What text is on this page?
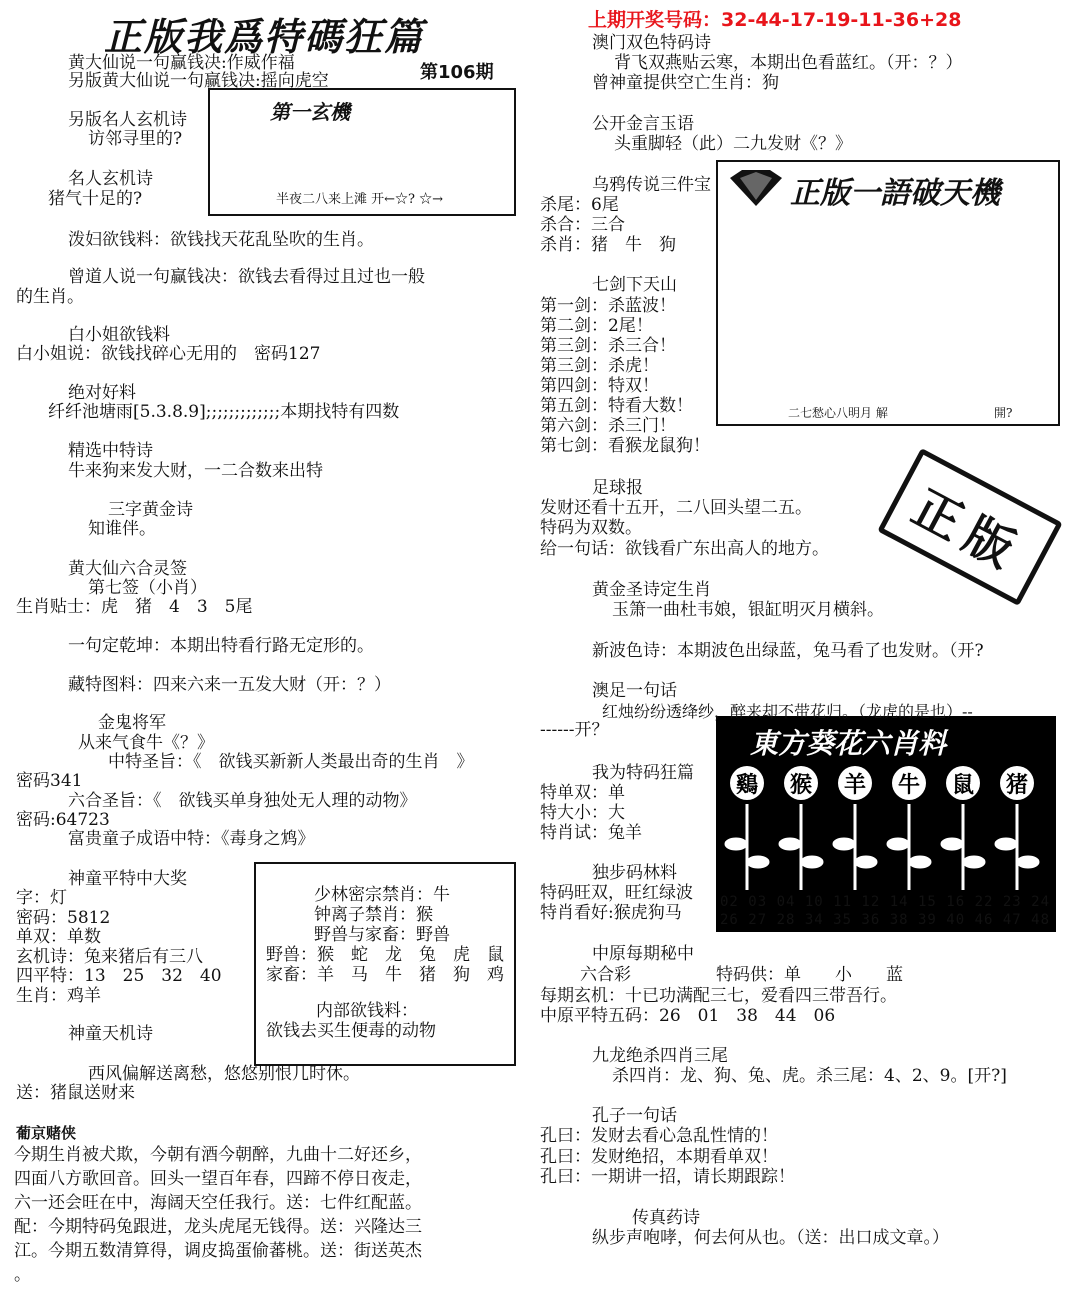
正版我爲特碼狂篇
第106期
上期开奖号码：32-44-17-19-11-36+28
第一玄機
半夜二八来上滩 开←☆? ☆→	正版一語破天機
二七愁心八明月 解	開?
正版
少林密宗禁肖：牛
钟离子禁肖：猴
野兽与家畜：野兽
野兽：猴　蛇　龙　兔　虎　鼠
家畜：羊　马　牛　猪　狗　鸡
内部欲钱料：
欲钱去买生便毒的动物
東方葵花六肖料
鷄 猴 羊 牛 鼠 猪
02 03 04 10 11 12 14 15 16 22 23 24
26 27 28 34 35 36 38 39 40 46 47 48
黄大仙说一句赢钱决:作威作福
另版黄大仙说一句赢钱决:摇向虎空
另版名人玄机诗
访邻寻里的?
名人玄机诗
猪气十足的?
泼妇欲钱料：欲钱找天花乱坠吹的生肖。
曾道人说一句赢钱决：欲钱去看得过且过也一般
的生肖。
白小姐欲钱料
白小姐说：欲钱找碎心无用的　密码127
绝对好料
纤纤池塘雨[5.3.8.9];;;;;;;;;;;;;本期找特有四数
精选中特诗
牛来狗来发大财，一二合数来出特
三字黄金诗
知谁伴。
黄大仙六合灵签
第七签（小肖）
生肖贴士：虎　猪　4　3　5尾
一句定乾坤：本期出特看行路无定形的。
藏特图料：四来六来一五发大财（开：？）
金鬼将军
从来气食牛《？》
中特圣旨：《　欲钱买新新人类最出奇的生肖　》
密码341
六合圣旨：《　欲钱买单身独处无人理的动物》
密码:64723
富贵童子成语中特：《毒身之鸩》
神童平特中大奖
字：灯
密码：5812
单双：单数
玄机诗：兔来猪后有三八
四平特：13　25　32　40
生肖：鸡羊
神童天机诗
西风偏解送离愁，悠悠别恨几时休。
送：猪鼠送财来
葡京赌侠
今期生肖被犬欺，今朝有酒今朝醉，九曲十二好还乡，
四面八方歌回音。回头一望百年春，四蹄不停日夜走，
六一还会旺在中，海阔天空任我行。送：七件红配蓝。
配：今期特码兔跟进，龙头虎尾无钱得。送：兴隆达三
江。今期五数清算得，调皮捣蛋偷蕃桃。送：街送英杰
。
澳门双色特码诗
背飞双燕贴云寒，本期出色看蓝红。（开：？）
曾神童提供空亡生肖：狗
公开金言玉语
头重脚轻（此）二九发财《？》
乌鸦传说三件宝
杀尾：6尾
杀合：三合
杀肖：猪　牛　狗
七剑下天山
第一剑：杀蓝波！
第二剑：2尾！
第三剑：杀三合！
第三剑：杀虎！
第四剑：特双！
第五剑：特看大数！
第六剑：杀三门！
第七剑：看猴龙鼠狗！
足球报
发财还看十五开，二八回头望二五。
特码为双数。
给一句话：欲钱看广东出高人的地方。
黄金圣诗定生肖
玉箫一曲杜韦娘，银缸明灭月横斜。
新波色诗：本期波色出绿蓝，兔马看了也发财。（开?
澳足一句话
红烛纷纷透绛纱，醉来却不带花归。（龙虎的是也）--
------开？
我为特码狂篇
特单双：单
特大小：大
特肖试：兔羊
独步码林料
特码旺双，旺红绿波
特肖看好:猴虎狗马
中原每期秘中
六合彩　　　　　特码供：单　　小　　蓝
每期玄机：十已功满配三七，爱看四三带吾行。
中原平特五码：26　01　38　44　06
九龙绝杀四肖三尾
杀四肖：龙、狗、兔、虎。杀三尾：4、2、9。[开?]
孔子一句话
孔曰：发财去看心急乱性情的！
孔曰：发财绝招，本期看单双！
孔曰：一期讲一招，请长期跟踪！
传真药诗
纵步声咆哮，何去何从也。（送：出口成文章。）
